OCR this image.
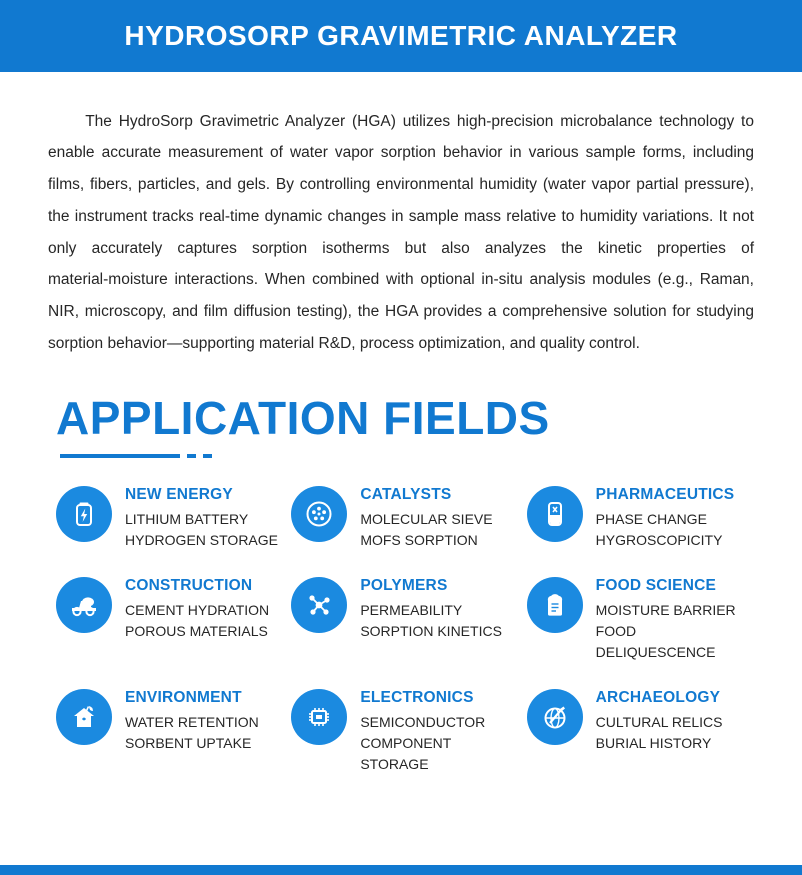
HYDROSORP GRAVIMETRIC ANALYZER

The HydroSorp Gravimetric Analyzer (HGA) utilizes high-precision microbalance technology to enable accurate measurement of water vapor sorption behavior in various sample forms, including films, fibers, particles, and gels. By controlling environmental humidity (water vapor partial pressure), the instrument tracks real-time dynamic changes in sample mass relative to humidity variations. It not only accurately captures sorption isotherms but also analyzes the kinetic properties of material‑moisture interactions. When combined with optional in-situ analysis modules (e.g., Raman, NIR, microscopy, and film diffusion testing), the HGA provides a comprehensive solution for studying sorption behavior—supporting material R&D, process optimization, and quality control.

APPLICATION FIELDS
NEW ENERGY
LITHIUM BATTERY
HYDROGEN STORAGE
CATALYSTS
MOLECULAR SIEVE
MOFS SORPTION
PHARMACEUTICS
PHASE CHANGE
HYGROSCOPICITY
CONSTRUCTION
CEMENT HYDRATION
POROUS MATERIALS
POLYMERS
PERMEABILITY
SORPTION KINETICS
FOOD SCIENCE
MOISTURE BARRIER
FOOD DELIQUESCENCE
ENVIRONMENT
WATER RETENTION
SORBENT UPTAKE
ELECTRONICS
SEMICONDUCTOR
COMPONENT STORAGE
ARCHAEOLOGY
CULTURAL RELICS
BURIAL HISTORY
